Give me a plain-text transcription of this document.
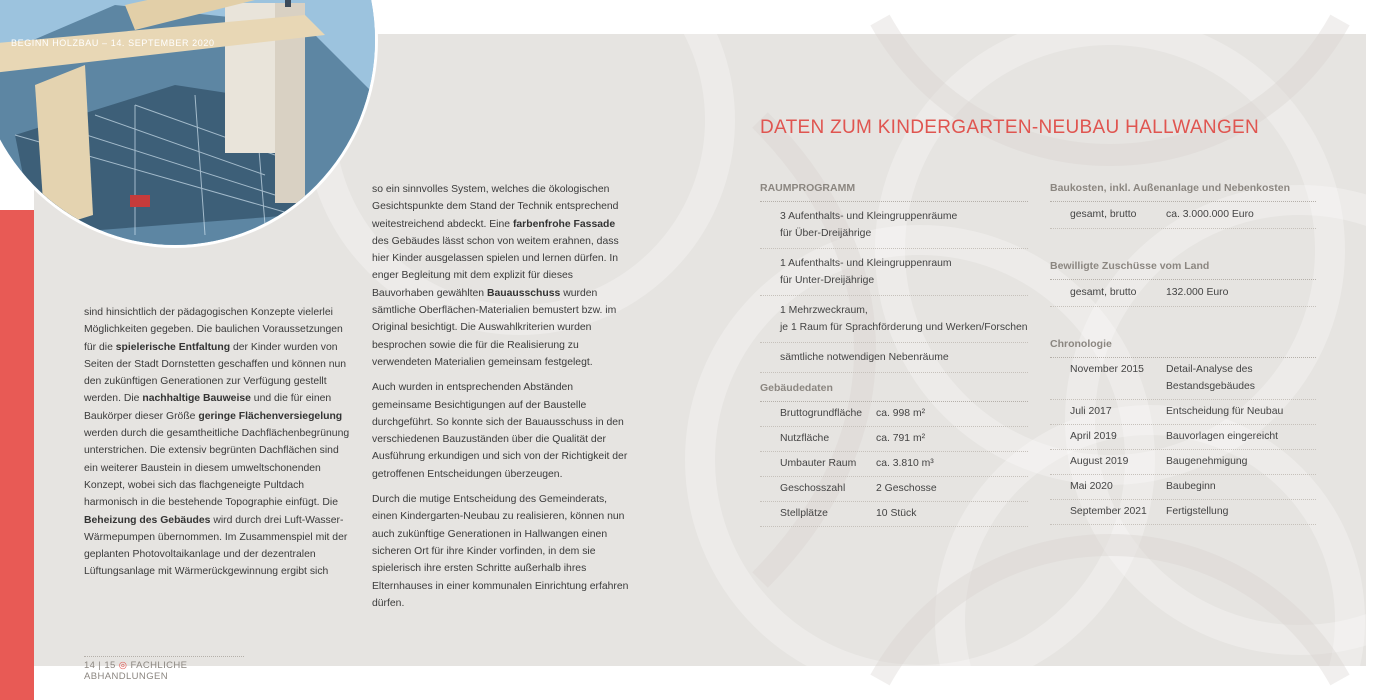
BEGINN HOLZBAU – 14. SEPTEMBER 2020

sind hinsichtlich der pädagogischen Konzepte vielerlei Möglichkeiten gegeben. Die baulichen Voraussetzungen für die spielerische Entfaltung der Kinder wurden von Seiten der Stadt Dornstetten geschaffen und können nun den zukünftigen Generationen zur Verfügung gestellt werden. Die nachhaltige Bauweise und die für einen Baukörper dieser Größe geringe Flächenversiegelung werden durch die gesamtheitliche Dachflächenbegrünung unterstrichen. Die extensiv begrünten Dachflächen sind ein weiterer Baustein in diesem umweltschonenden Konzept, wobei sich das flachgeneigte Pultdach harmonisch in die bestehende Topographie einfügt. Die Beheizung des Gebäudes wird durch drei Luft-Wasser-Wärmepumpen übernommen. Im Zusammenspiel mit der geplanten Photovoltaikanlage und der dezentralen Lüftungsanlage mit Wärmerückgewinnung ergibt sich

so ein sinnvolles System, welches die ökologischen Gesichtspunkte dem Stand der Technik entsprechend weitestreichend abdeckt. Eine farbenfrohe Fassade des Gebäudes lässt schon von weitem erahnen, dass hier Kinder ausgelassen spielen und lernen dürfen. In enger Begleitung mit dem explizit für dieses Bauvorhaben gewählten Bauausschuss wurden sämtliche Oberflächen-Materialien bemustert bzw. im Original besichtigt. Die Auswahlkriterien wurden besprochen sowie die für die Realisierung zu verwendeten Materialien gemeinsam festgelegt.

Auch wurden in entsprechenden Abständen gemeinsame Besichtigungen auf der Baustelle durchgeführt. So konnte sich der Bauausschuss in den verschiedenen Bauzuständen über die Qualität der Ausführung erkundigen und sich von der Richtigkeit der getroffenen Entscheidungen überzeugen.

Durch die mutige Entscheidung des Gemeinderats, einen Kindergarten-Neubau zu realisieren, können nun auch zukünftige Generationen in Hallwangen einen sicheren Ort für ihre Kinder vorfinden, in dem sie spielerisch ihre ersten Schritte außerhalb ihres Elternhauses in einer kommunalen Einrichtung erfahren dürfen.

DATEN ZUM KINDERGARTEN-NEUBAU HALLWANGEN
RAUMPROGRAMM
3 Aufenthalts- und Kleingruppenräume
für Über-Dreijährige
1 Aufenthalts- und Kleingruppenraum
für Unter-Dreijährige
1 Mehrzweckraum,
je 1 Raum für Sprachförderung und Werken/Forschen
sämtliche notwendigen Nebenräume
Gebäudedaten
Bruttogrundfläche	ca. 998 m²
Nutzfläche	ca. 791 m²
Umbauter Raum	ca. 3.810 m³
Geschosszahl	2 Geschosse
Stellplätze	10 Stück
Baukosten, inkl. Außenanlage und Nebenkosten
gesamt, brutto	ca. 3.000.000 Euro
Bewilligte Zuschüsse vom Land
gesamt, brutto	132.000 Euro
Chronologie
November 2015	Detail-Analyse des
Bestandsgebäudes
Juli 2017	Entscheidung für Neubau
April 2019	Bauvorlagen eingereicht
August 2019	Baugenehmigung
Mai 2020	Baubeginn
September 2021	Fertigstellung
14 | 15 ◎ FACHLICHE ABHANDLUNGEN
